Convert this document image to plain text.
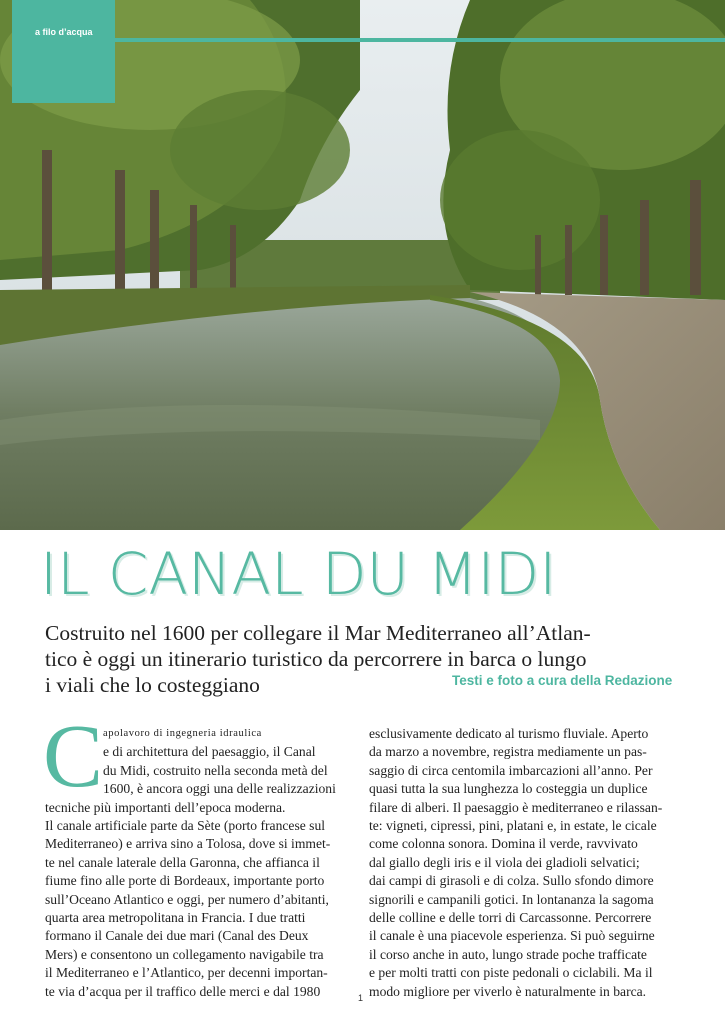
a filo d’acqua
IL CANAL DU MIDI
Costruito nel 1600 per collegare il Mar Mediterraneo all’Atlan-
tico è oggi un itinerario turistico da percorrere in barca o lungo
i viali che lo costeggiano	Testi e foto a cura della Redazione
C apolavoro di ingegneria idraulica
e di architettura del paesaggio, il Canal
du Midi, costruito nella seconda metà del
1600, è ancora oggi una delle realizzazioni
tecniche più importanti dell’epoca moderna.
Il canale artificiale parte da Sète (porto francese sul
Mediterraneo) e arriva sino a Tolosa, dove si immet-
te nel canale laterale della Garonna, che affianca il
fiume fino alle porte di Bordeaux, importante porto
sull’Oceano Atlantico e oggi, per numero d’abitanti,
quarta area metropolitana in Francia. I due tratti
formano il Canale dei due mari (Canal des Deux
Mers) e consentono un collegamento navigabile tra
il Mediterraneo e l’Atlantico, per decenni importan-
te via d’acqua per il traffico delle merci e dal 1980
esclusivamente dedicato al turismo fluviale. Aperto
da marzo a novembre, registra mediamente un pas-
saggio di circa centomila imbarcazioni all’anno. Per
quasi tutta la sua lunghezza lo costeggia un duplice
filare di alberi. Il paesaggio è mediterraneo e rilassan-
te: vigneti, cipressi, pini, platani e, in estate, le cicale
come colonna sonora. Domina il verde, ravvivato
dal giallo degli iris e il viola dei gladioli selvatici;
dai campi di girasoli e di colza. Sullo sfondo dimore
signorili e campanili gotici. In lontananza la sagoma
delle colline e delle torri di Carcassonne. Percorrere
il canale è una piacevole esperienza. Si può seguirne
il corso anche in auto, lungo strade poche trafficate
e per molti tratti con piste pedonali o ciclabili. Ma il
modo migliore per viverlo è naturalmente in barca.
1
